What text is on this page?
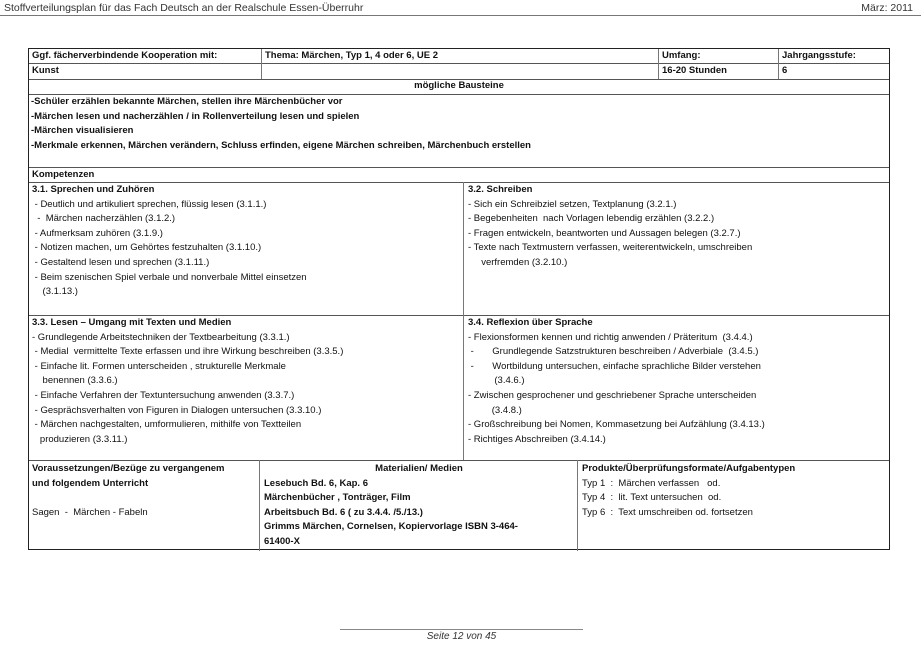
Stoffverteilungsplan für das Fach Deutsch an der Realschule Essen-Überruhr	März: 2011
Ggf. fächerverbindende Kooperation mit:
Kunst
Thema: Märchen, Typ 1, 4 oder 6, UE 2	Umfang:
16-20 Stunden
Jahrgangsstufe:
6
mögliche Bausteine
-Schüler erzählen bekannte Märchen, stellen ihre Märchenbücher vor
-Märchen lesen und nacherzählen / in Rollenverteilung lesen und spielen
-Märchen visualisieren
-Merkmale erkennen, Märchen verändern, Schluss erfinden, eigene Märchen schreiben, Märchenbuch erstellen
Kompetenzen
3.1. Sprechen und Zuhören
- Deutlich und artikuliert sprechen, flüssig lesen (3.1.1.)
-  Märchen nacherzählen (3.1.2.)
- Aufmerksam zuhören (3.1.9.)
- Notizen machen, um Gehörtes festzuhalten (3.1.10.)
- Gestaltend lesen und sprechen (3.1.11.)
- Beim szenischen Spiel verbale und nonverbale Mittel einsetzen
(3.1.13.)
3.2. Schreiben
- Sich ein Schreibziel setzen, Textplanung (3.2.1.)
- Begebenheiten  nach Vorlagen lebendig erzählen (3.2.2.)
- Fragen entwickeln, beantworten und Aussagen belegen (3.2.7.)
- Texte nach Textmustern verfassen, weiterentwickeln, umschreiben
verfremden (3.2.10.)
3.3. Lesen – Umgang mit Texten und Medien
- Grundlegende Arbeitstechniken der Textbearbeitung (3.3.1.)
- Medial  vermittelte Texte erfassen und ihre Wirkung beschreiben (3.3.5.)
- Einfache lit. Formen unterscheiden , strukturelle Merkmale
benennen (3.3.6.)
- Einfache Verfahren der Textuntersuchung anwenden (3.3.7.)
- Gesprächsverhalten von Figuren in Dialogen untersuchen (3.3.10.)
- Märchen nachgestalten, umformulieren, mithilfe von Textteilen
produzieren (3.3.11.)
3.4. Reflexion über Sprache
- Flexionsformen kennen und richtig anwenden / Präteritum  (3.4.4.)
-       Grundlegende Satzstrukturen beschreiben / Adverbiale  (3.4.5.)
-       Wortbildung untersuchen, einfache sprachliche Bilder verstehen
(3.4.6.)
- Zwischen gesprochener und geschriebener Sprache unterscheiden
(3.4.8.)
- Großschreibung bei Nomen, Kommasetzung bei Aufzählung (3.4.13.)
- Richtiges Abschreiben (3.4.14.)
Voraussetzungen/Bezüge zu vergangenem
und folgendem Unterricht
Sagen  -  Märchen - Fabeln
Materialien/ Medien
Lesebuch Bd. 6, Kap. 6
Märchenbücher , Tonträger, Film
Arbeitsbuch Bd. 6 ( zu 3.4.4. /5./13.)
Grimms Märchen, Cornelsen, Kopiervorlage ISBN 3-464-
61400-X
Produkte/Überprüfungsformate/Aufgabentypen
Typ 1  :  Märchen verfassen   od.
Typ 4  :  lit. Text untersuchen  od.
Typ 6  :  Text umschreiben od. fortsetzen
Seite 12 von 45
